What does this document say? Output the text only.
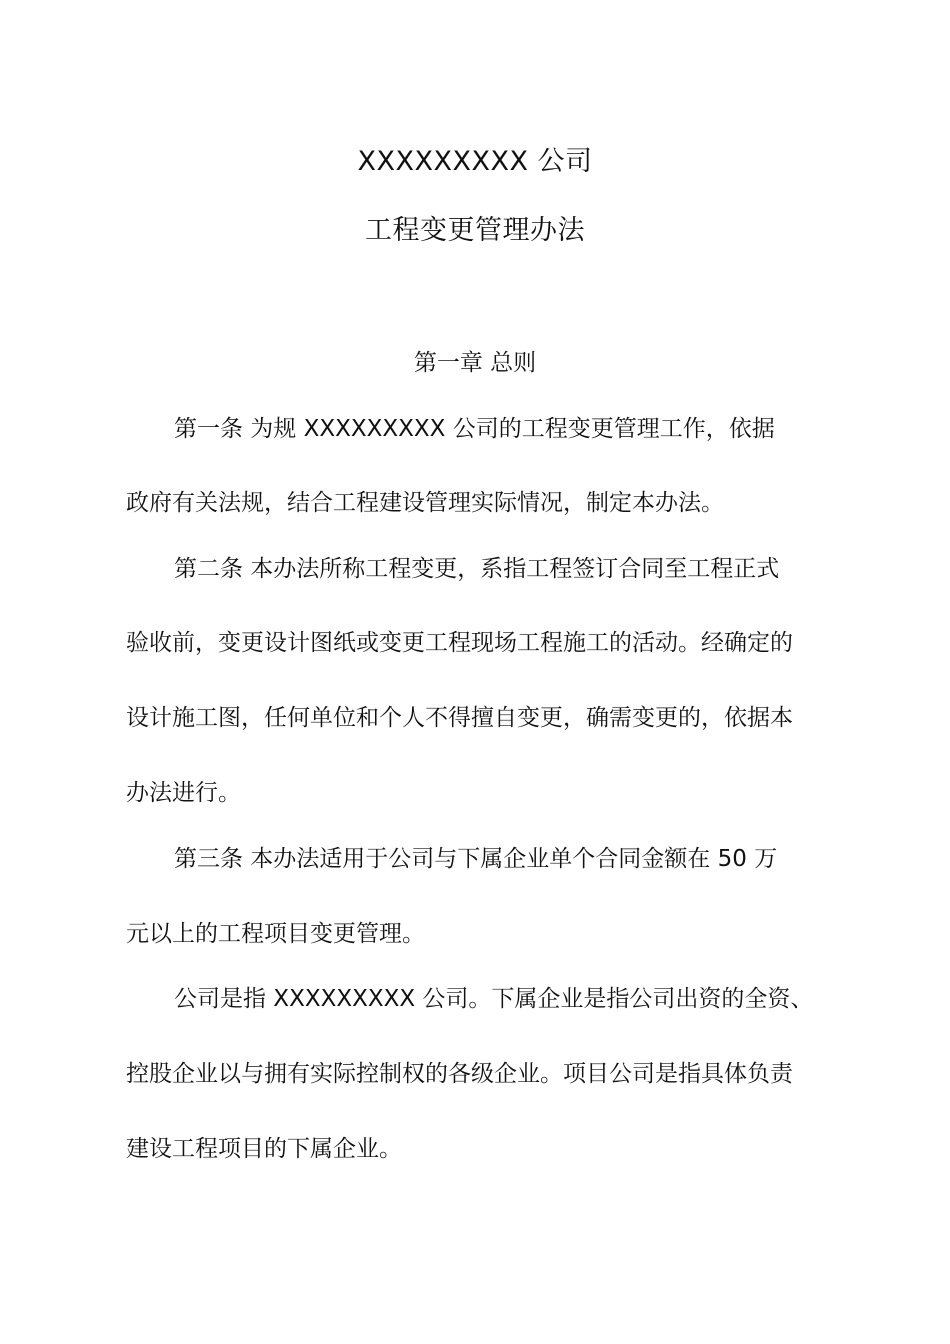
XXXXXXXXX 公司
工程变更管理办法
第一章 总则
第一条 为规 XXXXXXXXX 公司的工程变更管理工作，依据
政府有关法规，结合工程建设管理实际情况，制定本办法。
第二条 本办法所称工程变更，系指工程签订合同至工程正式
验收前，变更设计图纸或变更工程现场工程施工的活动。经确定的
设计施工图，任何单位和个人不得擅自变更，确需变更的，依据本
办法进行。
第三条 本办法适用于公司与下属企业单个合同金额在 50 万
元以上的工程项目变更管理。
公司是指 XXXXXXXXX 公司。下属企业是指公司出资的全资、
控股企业以与拥有实际控制权的各级企业。项目公司是指具体负责
建设工程项目的下属企业。
